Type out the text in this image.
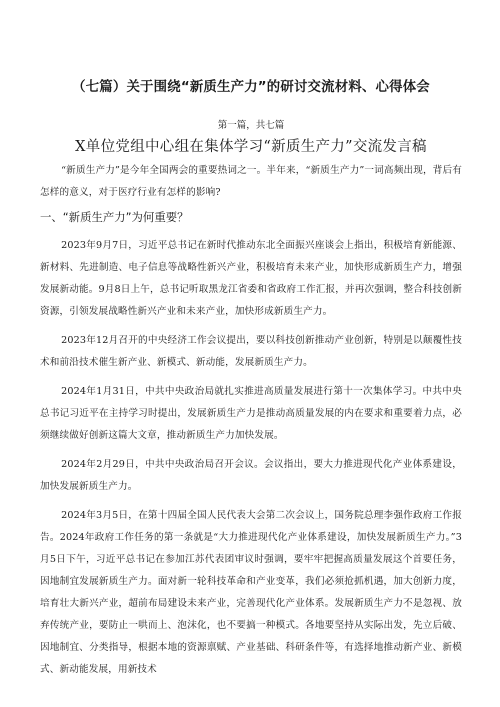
（七篇）关于围绕“新质生产力”的研讨交流材料、心得体会
第一篇，共七篇
X单位党组中心组在集体学习“新质生产力”交流发言稿

“新质生产力”是今年全国两会的重要热词之一。半年来，“新质生产力”一词高频出现，背后有怎样的意义，对于医疗行业有怎样的影响?

一、“新质生产力”为何重要？

2023年9月7日，习近平总书记在新时代推动东北全面振兴座谈会上指出，积极培育新能源、新材料、先进制造、电子信息等战略性新兴产业，积极培育未来产业，加快形成新质生产力，增强发展新动能。9月8日上午，总书记听取黑龙江省委和省政府工作汇报，并再次强调，整合科技创新资源，引领发展战略性新兴产业和未来产业，加快形成新质生产力。

2023年12月召开的中央经济工作会议提出，要以科技创新推动产业创新，特别是以颠覆性技术和前沿技术催生新产业、新模式、新动能，发展新质生产力。

2024年1月31日，中共中央政治局就扎实推进高质量发展进行第十一次集体学习。中共中央总书记习近平在主持学习时提出，发展新质生产力是推动高质量发展的内在要求和重要着力点，必须继续做好创新这篇大文章，推动新质生产力加快发展。

2024年2月29日，中共中央政治局召开会议。会议指出，要大力推进现代化产业体系建设，加快发展新质生产力。

2024年3月5日，在第十四届全国人民代表大会第二次会议上，国务院总理李强作政府工作报告。2024年政府工作任务的第一条就是“大力推进现代化产业体系建设，加快发展新质生产力。”3月5日下午，习近平总书记在参加江苏代表团审议时强调，要牢牢把握高质量发展这个首要任务，因地制宜发展新质生产力。面对新一轮科技革命和产业变革，我们必须抢抓机遇，加大创新力度，培育壮大新兴产业，超前布局建设未来产业，完善现代化产业体系。发展新质生产力不是忽视、放弃传统产业，要防止一哄而上、泡沫化，也不要搞一种模式。各地要坚持从实际出发，先立后破、因地制宜、分类指导，根据本地的资源禀赋、产业基础、科研条件等，有选择地推动新产业、新模式、新动能发展，用新技术
